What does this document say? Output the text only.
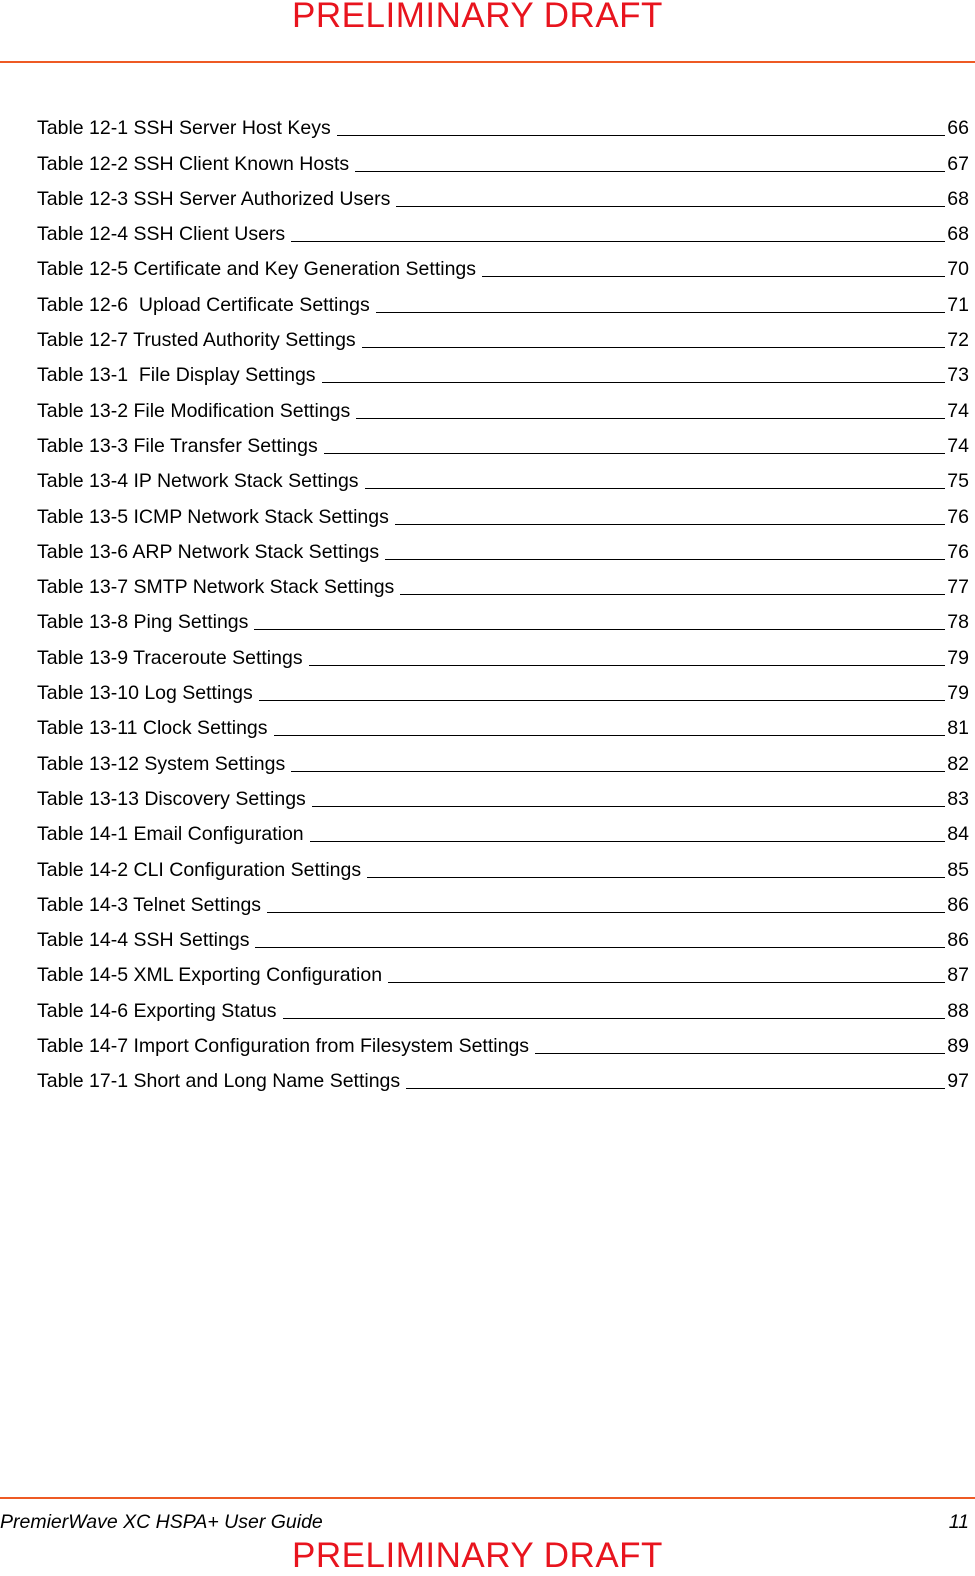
PRELIMINARY DRAFT
Table 12-1 SSH Server Host Keys	66
Table 12-2 SSH Client Known Hosts	67
Table 12-3 SSH Server Authorized Users	68
Table 12-4 SSH Client Users	68
Table 12-5 Certificate and Key Generation Settings	70
Table 12-6  Upload Certificate Settings	71
Table 12-7 Trusted Authority Settings	72
Table 13-1  File Display Settings	73
Table 13-2 File Modification Settings	74
Table 13-3 File Transfer Settings	74
Table 13-4 IP Network Stack Settings	75
Table 13-5 ICMP Network Stack Settings	76
Table 13-6 ARP Network Stack Settings	76
Table 13-7 SMTP Network Stack Settings	77
Table 13-8 Ping Settings	78
Table 13-9 Traceroute Settings	79
Table 13-10 Log Settings	79
Table 13-11 Clock Settings	81
Table 13-12 System Settings	82
Table 13-13 Discovery Settings	83
Table 14-1 Email Configuration	84
Table 14-2 CLI Configuration Settings	85
Table 14-3 Telnet Settings	86
Table 14-4 SSH Settings	86
Table 14-5 XML Exporting Configuration	87
Table 14-6 Exporting Status	88
Table 14-7 Import Configuration from Filesystem Settings	89
Table 17-1 Short and Long Name Settings	97
PremierWave XC HSPA+ User Guide	11
PRELIMINARY DRAFT
